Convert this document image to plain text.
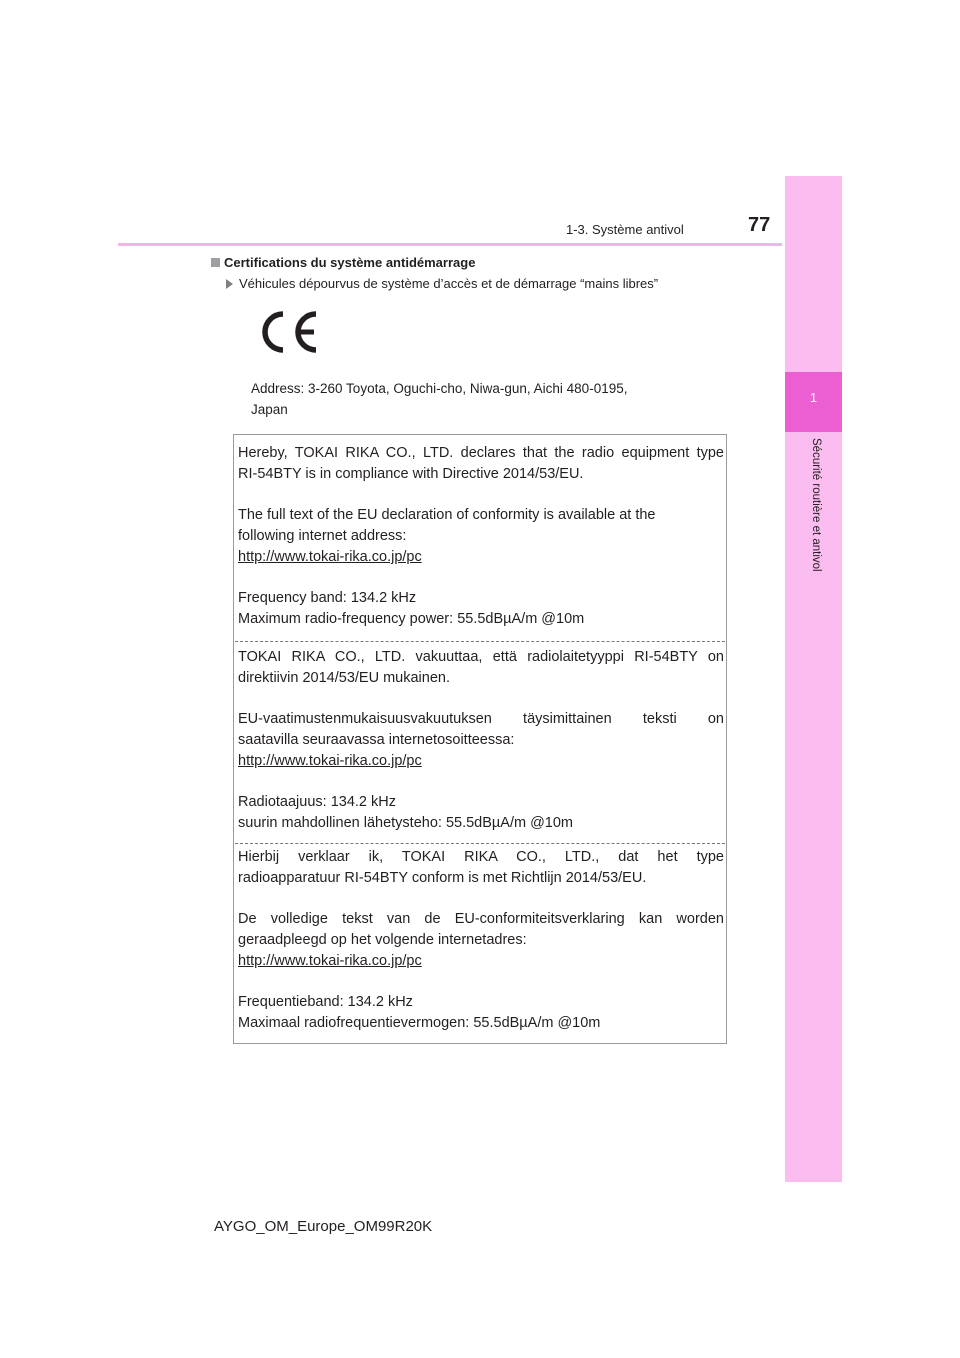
1
Sécurité routière et antivol
1-3. Système antivol	77
Certifications du système antidémarrage
Véhicules dépourvus de système d’accès et de démarrage “mains libres”
Address: 3-260 Toyota, Oguchi-cho, Niwa-gun, Aichi 480-0195,
Japan
Hereby, TOKAI RIKA CO., LTD. declares that the radio equipment type
RI-54BTY is in compliance with Directive 2014/53/EU.
The full text of the EU declaration of conformity is available at the
following internet address:
http://www.tokai-rika.co.jp/pc
Frequency band: 134.2 kHz
Maximum radio-frequency power: 55.5dBµA/m @10m
TOKAI RIKA CO., LTD. vakuuttaa, että radiolaitetyyppi RI-54BTY on
direktiivin 2014/53/EU mukainen.
EU-vaatimustenmukaisuusvakuutuksen täysimittainen teksti on
saatavilla seuraavassa internetosoitteessa:
http://www.tokai-rika.co.jp/pc
Radiotaajuus: 134.2 kHz
suurin mahdollinen lähetysteho: 55.5dBµA/m @10m
Hierbij verklaar ik, TOKAI RIKA CO., LTD., dat het type
radioapparatuur RI-54BTY conform is met Richtlijn 2014/53/EU.
De volledige tekst van de EU-conformiteitsverklaring kan worden
geraadpleegd op het volgende internetadres:
http://www.tokai-rika.co.jp/pc
Frequentieband: 134.2 kHz
Maximaal radiofrequentievermogen: 55.5dBµA/m @10m
AYGO_OM_Europe_OM99R20K
